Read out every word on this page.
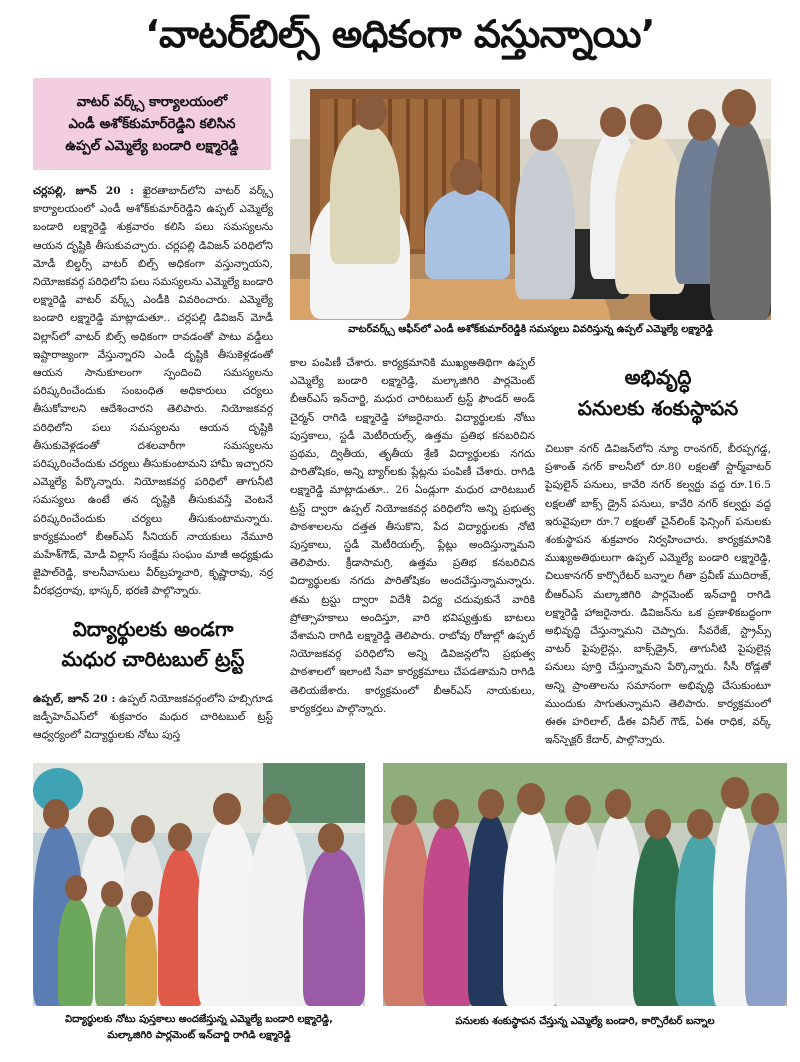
‘వాటర్‌బిల్స్‌ అధికంగా వస్తున్నాయి’
వాటర్‌ వర్క్స్‌ కార్యాలయంలో
ఎండీ అశోక్‌కుమార్‌రెడ్డిని కలిసిన
ఉప్పల్‌ ఎమ్మెల్యే బండారి లక్ష్మారెడ్డి
చర్లపల్లి, జూన్‌ 20 : ఖైరతాబాద్‌లోని వాటర్‌ వర్క్స్‌ కార్యాలయంలో ఎండీ అశోక్‌కుమార్‌రెడ్డిని ఉప్పల్‌ ఎమ్మెల్యే బండారి లక్ష్మారెడ్డి శుక్రవారం కలిసి పలు సమస్యలను ఆయన దృష్టికి తీసుకువచ్చారు. చర్లపల్లి డివిజన్‌ పరిధిలోని మోడీ బిల్డర్స్‌ వాటర్‌ బిల్స్‌ అధికంగా వస్తున్నాయని, నియోజకవర్గ పరిధిలోని పలు సమస్యలను ఎమ్మెల్యే బండారి లక్ష్మారెడ్డి వాటర్‌ వర్క్స్‌ ఎండీకి వివరించారు. ఎమ్మెల్యే బండారి లక్ష్మారెడ్డి మాట్లాడుతూ.. చర్లపల్లి డివిజన్‌ మోడీ విల్లాస్‌లో వాటర్‌ బిల్స్‌ అధికంగా రావడంతో పాటు వడ్డీలు ఇష్టారాజ్యంగా వేస్తున్నారని ఎండీ దృష్టికి తీసుకెళ్లడంతో ఆయన సానుకూలంగా స్పందించి సమస్యలను పరిష్కరించేందుకు సంబంధిత అధికారులు చర్యలు తీసుకోవాలని ఆదేశించారని తెలిపారు. నియోజకవర్గ పరిధిలోని పలు సమస్యలను ఆయన దృష్టికి తీసుకువెళ్లడంతో దశలవారీగా సమస్యలను పరిష్కరించేందుకు చర్యలు తీసుకుంటామని హామీ ఇచ్చారని ఎమ్మెల్యే పేర్కొన్నారు. నియోజకవర్గ పరిధిలో తాగునీటి సమస్యలు ఉంటే తన దృష్టికి తీసుకువస్తే వెంటనే పరిష్కరించేందుకు చర్యలు తీసుకుంటామన్నారు. కార్యక్రమంలో బీఆర్‌ఎస్‌ సీనియర్‌ నాయకులు నేమూరి మహేశ్‌గౌడ్‌, మోడీ విల్లాస్‌ సంక్షేమ సంఘం మాజీ అధ్యక్షుడు జైపాల్‌రెడ్డి, కాలనీవాసులు వీర్‌బ్రహ్మచారి, కృష్ణారావు, నర్ర వీరభద్రరావు, భాస్కర్‌, భరణి పాల్గొన్నారు.
వాటర్‌వర్క్స్‌ ఆఫీస్‌లో ఎండీ అశోక్‌కుమార్‌రెడ్డికి సమస్యలు వివరిస్తున్న ఉప్పల్‌ ఎమ్మెల్యే లక్ష్మారెడ్డి
విద్యార్థులకు అండగా
మధుర చారిటబుల్‌ ట్రస్ట్‌
ఉప్పల్‌, జూన్‌ 20 : ఉప్పల్‌ నియోజకవర్గంలోని హబ్సిగూడ జడ్పీహెచ్‌ఎస్‌లో శుక్రవారం మధుర చారిటబుల్‌ ట్రస్ట్‌ ఆధ్వర్యంలో విద్యార్థులకు నోటు పుస్త
కాల పంపిణీ చేశారు. కార్యక్రమానికి ముఖ్యఅతిథిగా ఉప్పల్‌ ఎమ్మెల్యే బండారి లక్ష్మారెడ్డి, మల్కాజిగిరి పార్లమెంట్‌ బీఆర్‌ఎస్‌ ఇన్‌చార్జి, మధుర చారిటబుల్‌ ట్రస్ట్‌ ఫౌండర్‌ అండ్‌ చైర్మన్‌ రాగిడి లక్ష్మారెడ్డి హాజరైనారు. విద్యార్థులకు నోటు పుస్తకాలు, స్టడీ మెటీరియల్స్‌, ఉత్తమ ప్రతిభ కనబరిచిన ప్రథమ, ద్వితీయ, తృతీయ శ్రేణి విద్యార్థులకు నగదు పారితోషికం, అన్ని బ్యాగ్‌లకు ప్లేట్లను పంపిణీ చేశారు. రాగిడి లక్ష్మారెడ్డి మాట్లాడుతూ.. 26 ఏండ్లుగా మధుర చారిటబుల్‌ ట్రస్ట్‌ ద్వారా ఉప్పల్‌ నియోజకవర్గ పరిధిలోని అన్ని ప్రభుత్వ పాఠశాలలను దత్తత తీసుకొని, పేద విద్యార్థులకు నోటి పుస్తకాలు, స్టడీ మెటీరియల్స్‌, ప్లేట్లు అందిస్తున్నామని తెలిపారు. క్రీడాసామగ్రి, ఉత్తమ ప్రతిభ కనబరిచిన విద్యార్థులకు నగదు పారితోషికం అందచేస్తున్నామన్నారు. తమ ట్రస్టు ద్వారా విదేశీ విద్య చదువుకునే వారికి ప్రోత్సాహకాలు అందిస్తూ, వారి భవిష్యత్తుకు బాటలు వేశామని రాగిడి లక్ష్మారెడ్డి తెలిపారు. రాబోవు రోజుల్లో ఉప్పల్‌ నియోజకవర్గ పరిధిలోని అన్ని డివిజన్లలోని ప్రభుత్వ పాఠశాలలో ఇలాంటి సేవా కార్యక్రమాలు చేపడతామని రాగిడి తెలియజేశారు. కార్యక్రమంలో బీఆర్‌ఎస్‌ నాయకులు, కార్యకర్తలు పాల్గొన్నారు.
అభివృద్ధి
పనులకు శంకుస్థాపన
చిలుకా నగర్‌ డివిజన్‌లోని న్యూ రాంనగర్‌, బీరప్పగడ్డ, ప్రశాంత్‌ నగర్‌ కాలనీలో రూ.80 లక్షలతో స్టార్మ్‌వాటర్‌ పైపులైన్‌ పనులు, కావేరి నగర్‌ కల్వర్టు వద్ద రూ.16.5 లక్షలతో బాక్స్‌ డ్రైన్‌ పనులు, కావేరి నగర్‌ కల్వర్టు వద్ద ఇరువైపులా రూ.7 లక్షలతో చైన్‌లింక్‌ ఫెన్సింగ్‌ పనులకు శంకుస్థాపన శుక్రవారం నిర్వహించారు. కార్యక్రమానికి ముఖ్యఅతిథులుగా ఉప్పల్‌ ఎమ్మెల్యే బండారి లక్ష్మారెడ్డి, చిలుకానగర్‌ కార్పొరేటర్‌ బన్నాల గీతా ప్రవీణ్‌ ముదిరాజ్‌, బీఆర్‌ఎస్‌ మల్కాజిగిరి పార్లమెంట్‌ ఇన్‌చార్జి రాగిడి లక్ష్మారెడ్డి హాజరైనారు. డివిజన్‌ను ఒక ప్రణాళికబద్ధంగా అభివృద్ధి చేస్తున్నామని చెప్పారు. సీవరేజ్‌, స్ట్రామ్స్‌ వాటర్‌ పైపులైన్లు, బాక్స్‌డ్రైన్‌, తాగునీటి పైపులైన్ల పనులు పూర్తి చేస్తున్నామని పేర్కొన్నారు. సీసీ రోడ్లతో అన్ని ప్రాంతాలను సమానంగా అభివృద్ధి చేసుకుంటూ ముందుకు సాగుతున్నామని తెలిపారు. కార్యక్రమంలో ఈఈ హరిలాల్‌, డీఈ వినీల్‌ గౌడ్‌, ఏఈ రాధిక, వర్క్‌ ఇన్‌స్పెక్టర్‌ కేదార్‌, పాల్గొన్నారు.
విద్యార్థులకు నోటు పుస్తకాలు అందజేస్తున్న ఎమ్మెల్యే బండారి లక్ష్మారెడ్డి,
మల్కాజిగిరి పార్లమెంట్‌ ఇన్‌చార్జి రాగిడి లక్ష్మారెడ్డి
పనులకు శంకుస్థాపన చేస్తున్న ఎమ్మెల్యే బండారి, కార్పొరేటర్‌ బన్నాల
